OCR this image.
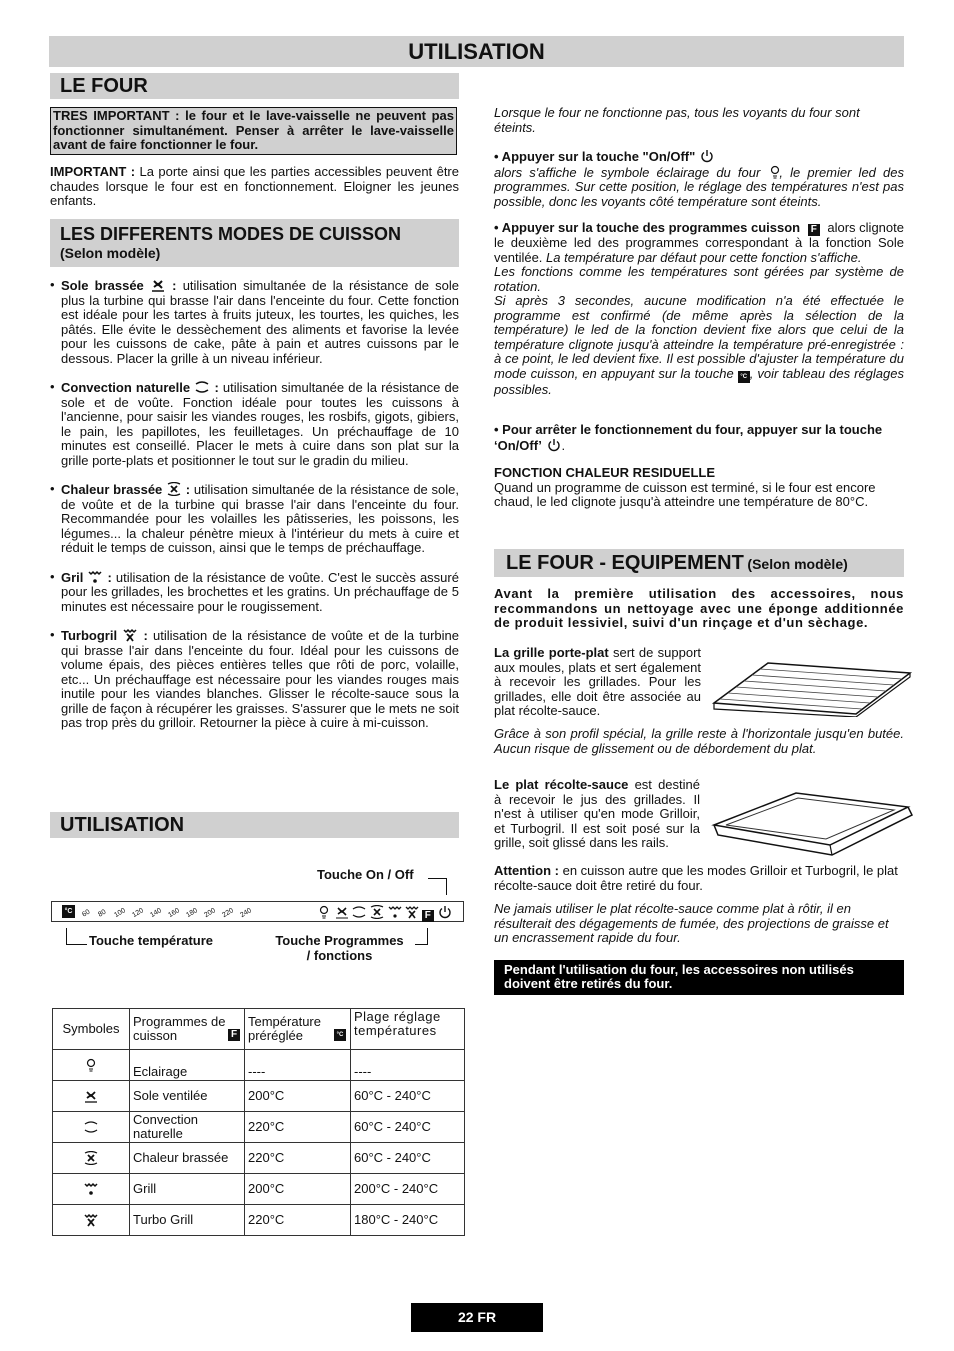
UTILISATION
LE FOUR
TRES IMPORTANT : le four et le lave-vaisselle ne peuvent pas fonctionner simultanément. Penser à arrêter le lave-vaisselle avant de faire fonctionner le four.
IMPORTANT : La porte ainsi que les parties accessibles peuvent être chaudes lorsque le four est en fonctionnement. Eloigner les jeunes enfants.
LES DIFFERENTS MODES DE CUISSON
(Selon modèle)
• Sole brassée  : utilisation simultanée de la résistance de sole plus la turbine qui brasse l'air dans l'enceinte du four. Cette fonction est idéale pour les tartes à fruits juteux, les tourtes, les quiches, les pâtés. Elle évite le dessèchement des aliments et favorise la levée pour les cuissons de cake, pâte à pain et autres cuissons par le dessous. Placer la grille à un niveau inférieur.
• Convection naturelle  : utilisation simultanée de la résistance de sole et de voûte. Fonction idéale pour toutes les cuissons à l'ancienne, pour saisir les viandes rouges, les rosbifs, gigots, gibiers, le pain, les papillotes, les feuilletages. Un préchauffage de 10 minutes est conseillé. Placer le mets à cuire dans son plat sur la grille porte-plats et positionner le tout sur le gradin du milieu.
• Chaleur brassée  : utilisation simultanée de la résistance de sole, de voûte et de la turbine qui brasse l'air dans l'enceinte du four. Recommandée pour les volailles les pâtisseries, les poissons, les légumes... la chaleur pénètre mieux à l'intérieur du mets à cuire et réduit le temps de cuisson, ainsi que le temps de préchauffage.
• Gril  : utilisation de la résistance de voûte. C'est le succès assuré pour les grillades, les brochettes et les gratins. Un préchauffage de 5 minutes est nécessaire pour le rougissement.
• Turbogril  : utilisation de la résistance de voûte et de la turbine qui brasse l'air dans l'enceinte du four. Idéal pour les cuissons de volume épais, des pièces entières telles que rôti de porc, volaille, etc... Un préchauffage est nécessaire pour les viandes rouges mais inutile pour les viandes blanches. Glisser le récolte-sauce sous la grille de façon à récupérer les graisses. S'assurer que le mets ne soit pas trop près du grilloir. Retourner la pièce à cuire à mi-cuisson.
UTILISATION
Touche On / Off
°C	60 80 100 120 140 160 180 200 220 240	F
Touche température	Touche Programmes
/ fonctions
Symboles	Programmes de cuisson F	Température préréglée °C	Plage réglage températures
	Eclairage	----	----
	Sole ventilée	200°C	60°C - 240°C
	Convection naturelle	220°C	60°C - 240°C
	Chaleur brassée	220°C	60°C - 240°C
	Grill	200°C	200°C - 240°C
	Turbo Grill	220°C	180°C - 240°C
Lorsque le four ne fonctionne pas, tous les voyants du four sont éteints.
• Appuyer sur la touche "On/Off"
alors s'affiche le symbole éclairage du four , le premier led des programmes. Sur cette position, le réglage des températures n'est pas possible, donc les voyants côté température sont éteints.
• Appuyer sur la touche des programmes cuisson F alors clignote le deuxième led des programmes correspondant à la fonction Sole ventilée. La température par défaut pour cette fonction s'affiche.
Les fonctions comme les températures sont gérées par système de rotation.
Si après 3 secondes, aucune modification n'a été effectuée le programme est confirmé (de même après la sélection de la température) le led de la fonction devient fixe alors que celui de la température clignote jusqu'à atteindre la température pré-enregistrée : à ce point, le led devient fixe. Il est possible d'ajuster la température du mode cuisson, en appuyant sur la touche °C , voir tableau des réglages possibles.
• Pour arrêter le fonctionnement du four, appuyer sur la touche ‘On/Off’ .
FONCTION CHALEUR RESIDUELLE
Quand un programme de cuisson est terminé, si le four est encore chaud, le led clignote jusqu'à atteindre une température de 80°C.
LE FOUR - EQUIPEMENT (Selon modèle)
Avant la première utilisation des accessoires, nous recommandons un nettoyage avec une éponge additionnée de produit lessiviel, suivi d'un rinçage et d'un sèchage.
La grille porte-plat sert de support aux moules, plats et sert également à recevoir les grillades. Pour les grillades, elle doit être associée au plat récolte-sauce.
Grâce à son profil spécial, la grille reste à l'horizontale jusqu'en butée. Aucun risque de glissement ou de débordement du plat.
Le plat récolte-sauce est destiné à recevoir le jus des grillades. Il n'est à utiliser qu'en mode Grilloir, et Turbogril. Il est soit posé sur la grille, soit glissé dans les rails.
Attention : en cuisson autre que les modes Grilloir et Turbogril, le plat récolte-sauce doit être retiré du four.
Ne jamais utiliser le plat récolte-sauce comme plat à rôtir, il en résulterait des dégagements de fumée, des projections de graisse et un encrassement rapide du four.
Pendant l'utilisation du four, les accessoires non utilisés doivent être retirés du four.
22 FR
